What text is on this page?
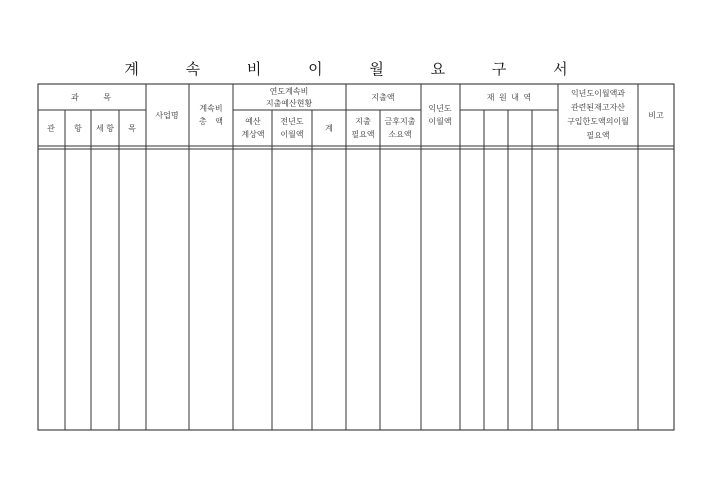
계 속 비 이 월 요 구 서
과 목
관 항 세 항 목
사업명
계속비
총 액
연도계속비
지출예산현황
예산
계상액
전년도
이월액
계
지출액
지출
필요액
금후지출
소요액
익년도
이월액
재 원 내 역	익년도이월액과
관련된재고자산
구입한도액의이월
필요액
비고
